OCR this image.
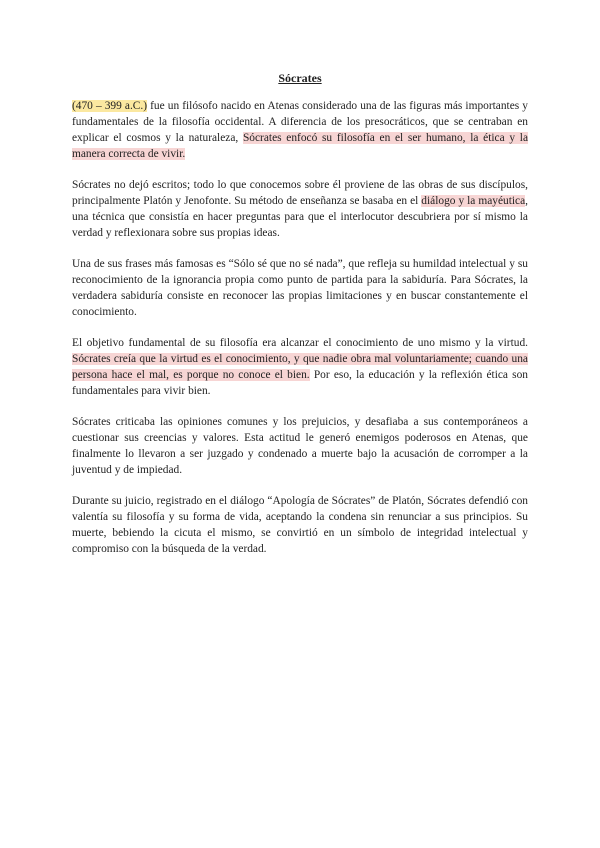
Sócrates

(470 – 399 a.C.) fue un filósofo nacido en Atenas considerado una de las figuras más importantes y fundamentales de la filosofía occidental. A diferencia de los presocráticos, que se centraban en explicar el cosmos y la naturaleza, Sócrates enfocó su filosofía en el ser humano, la ética y la manera correcta de vivir.

Sócrates no dejó escritos; todo lo que conocemos sobre él proviene de las obras de sus discípulos, principalmente Platón y Jenofonte. Su método de enseñanza se basaba en el diálogo y la mayéutica, una técnica que consistía en hacer preguntas para que el interlocutor descubriera por sí mismo la verdad y reflexionara sobre sus propias ideas.

Una de sus frases más famosas es “Sólo sé que no sé nada”, que refleja su humildad intelectual y su reconocimiento de la ignorancia propia como punto de partida para la sabiduría. Para Sócrates, la verdadera sabiduría consiste en reconocer las propias limitaciones y en buscar constantemente el conocimiento.

El objetivo fundamental de su filosofía era alcanzar el conocimiento de uno mismo y la virtud. Sócrates creía que la virtud es el conocimiento, y que nadie obra mal voluntariamente; cuando una persona hace el mal, es porque no conoce el bien. Por eso, la educación y la reflexión ética son fundamentales para vivir bien.

Sócrates criticaba las opiniones comunes y los prejuicios, y desafiaba a sus contemporáneos a cuestionar sus creencias y valores. Esta actitud le generó enemigos poderosos en Atenas, que finalmente lo llevaron a ser juzgado y condenado a muerte bajo la acusación de corromper a la juventud y de impiedad.

Durante su juicio, registrado en el diálogo “Apología de Sócrates” de Platón, Sócrates defendió con valentía su filosofía y su forma de vida, aceptando la condena sin renunciar a sus principios. Su muerte, bebiendo la cicuta el mismo, se convirtió en un símbolo de integridad intelectual y compromiso con la búsqueda de la verdad.
